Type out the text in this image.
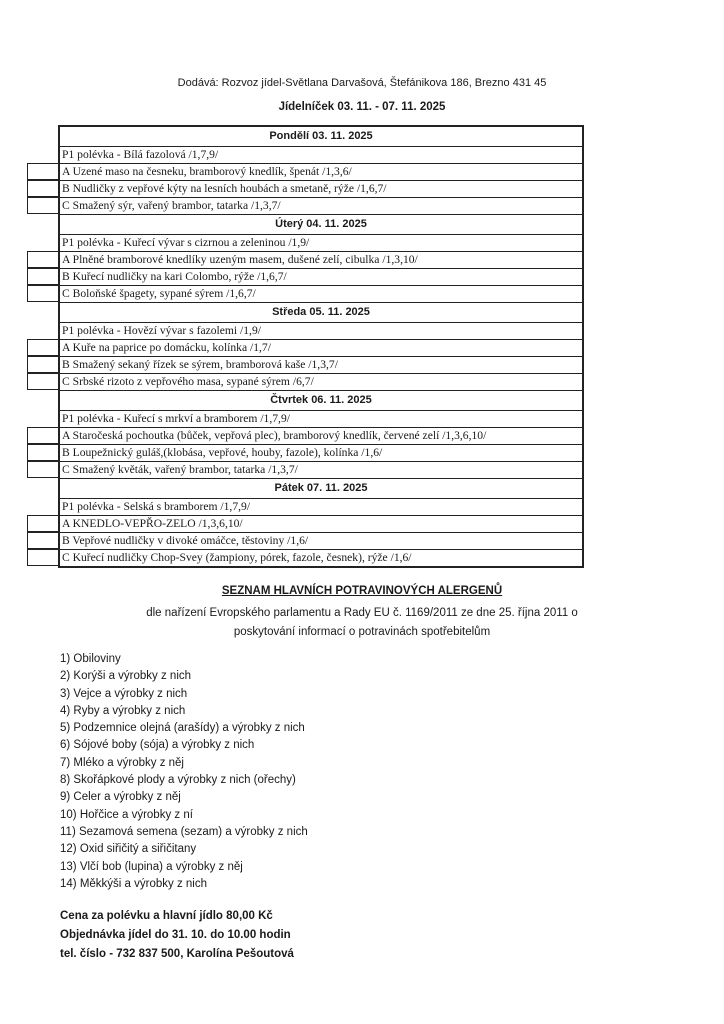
Dodává: Rozvoz jídel-Světlana Darvašová, Štefánikova 186, Brezno 431 45
Jídelníček 03. 11. - 07. 11. 2025
Pondělí 03. 11. 2025
P1 polévka - Bílá fazolová /1,7,9/
A Uzené maso na česneku, bramborový knedlík, špenát /1,3,6/
B Nudličky z vepřové kýty na lesních houbách a smetaně, rýže /1,6,7/
C Smažený sýr, vařený brambor, tatarka /1,3,7/
Úterý 04. 11. 2025
P1 polévka - Kuřecí vývar s cizrnou a zeleninou /1,9/
A Plněné bramborové knedlíky uzeným masem, dušené zelí, cibulka /1,3,10/
B Kuřecí nudličky na kari Colombo, rýže /1,6,7/
C Boloňské špagety, sypané sýrem /1,6,7/
Středa 05. 11. 2025
P1 polévka - Hovězí vývar s fazolemi /1,9/
A Kuře na paprice po domácku, kolínka /1,7/
B Smažený sekaný řízek se sýrem, bramborová kaše /1,3,7/
C Srbské rizoto z vepřového masa, sypané sýrem /6,7/
Čtvrtek 06. 11. 2025
P1 polévka - Kuřecí s mrkví a bramborem /1,7,9/
A Staročeská pochoutka (bůček, vepřová plec), bramborový knedlík, červené zelí /1,3,6,10/
B Loupežnický guláš,(klobása, vepřové, houby, fazole), kolínka /1,6/
C Smažený květák, vařený brambor, tatarka /1,3,7/
Pátek 07. 11. 2025
P1 polévka - Selská s bramborem /1,7,9/
A KNEDLO-VEPŘO-ZELO /1,3,6,10/
B Vepřové nudličky v divoké omáčce, těstoviny /1,6/
C Kuřecí nudličky Chop-Svey (žampiony, pórek, fazole, česnek), rýže /1,6/
SEZNAM HLAVNÍCH POTRAVINOVÝCH ALERGENŮ
dle nařízení Evropského parlamentu a Rady EU č. 1169/2011 ze dne 25. října 2011 o
poskytování informací o potravinách spotřebitelům
1) Obiloviny
2) Korýši a výrobky z nich
3) Vejce a výrobky z nich
4) Ryby a výrobky z nich
5) Podzemnice olejná (arašídy) a výrobky z nich
6) Sójové boby (sója) a výrobky z nich
7) Mléko a výrobky z něj
8) Skořápkové plody a výrobky z nich (ořechy)
9) Celer a výrobky z něj
10) Hořčice a výrobky z ní
11) Sezamová semena (sezam) a výrobky z nich
12) Oxid siřičitý a siřičitany
13) Vlčí bob (lupina) a výrobky z něj
14) Měkkýši a výrobky z nich
Cena za polévku a hlavní jídlo 80,00 Kč
Objednávka jídel do 31. 10. do 10.00 hodin
tel. číslo - 732 837 500, Karolína Pešoutová
